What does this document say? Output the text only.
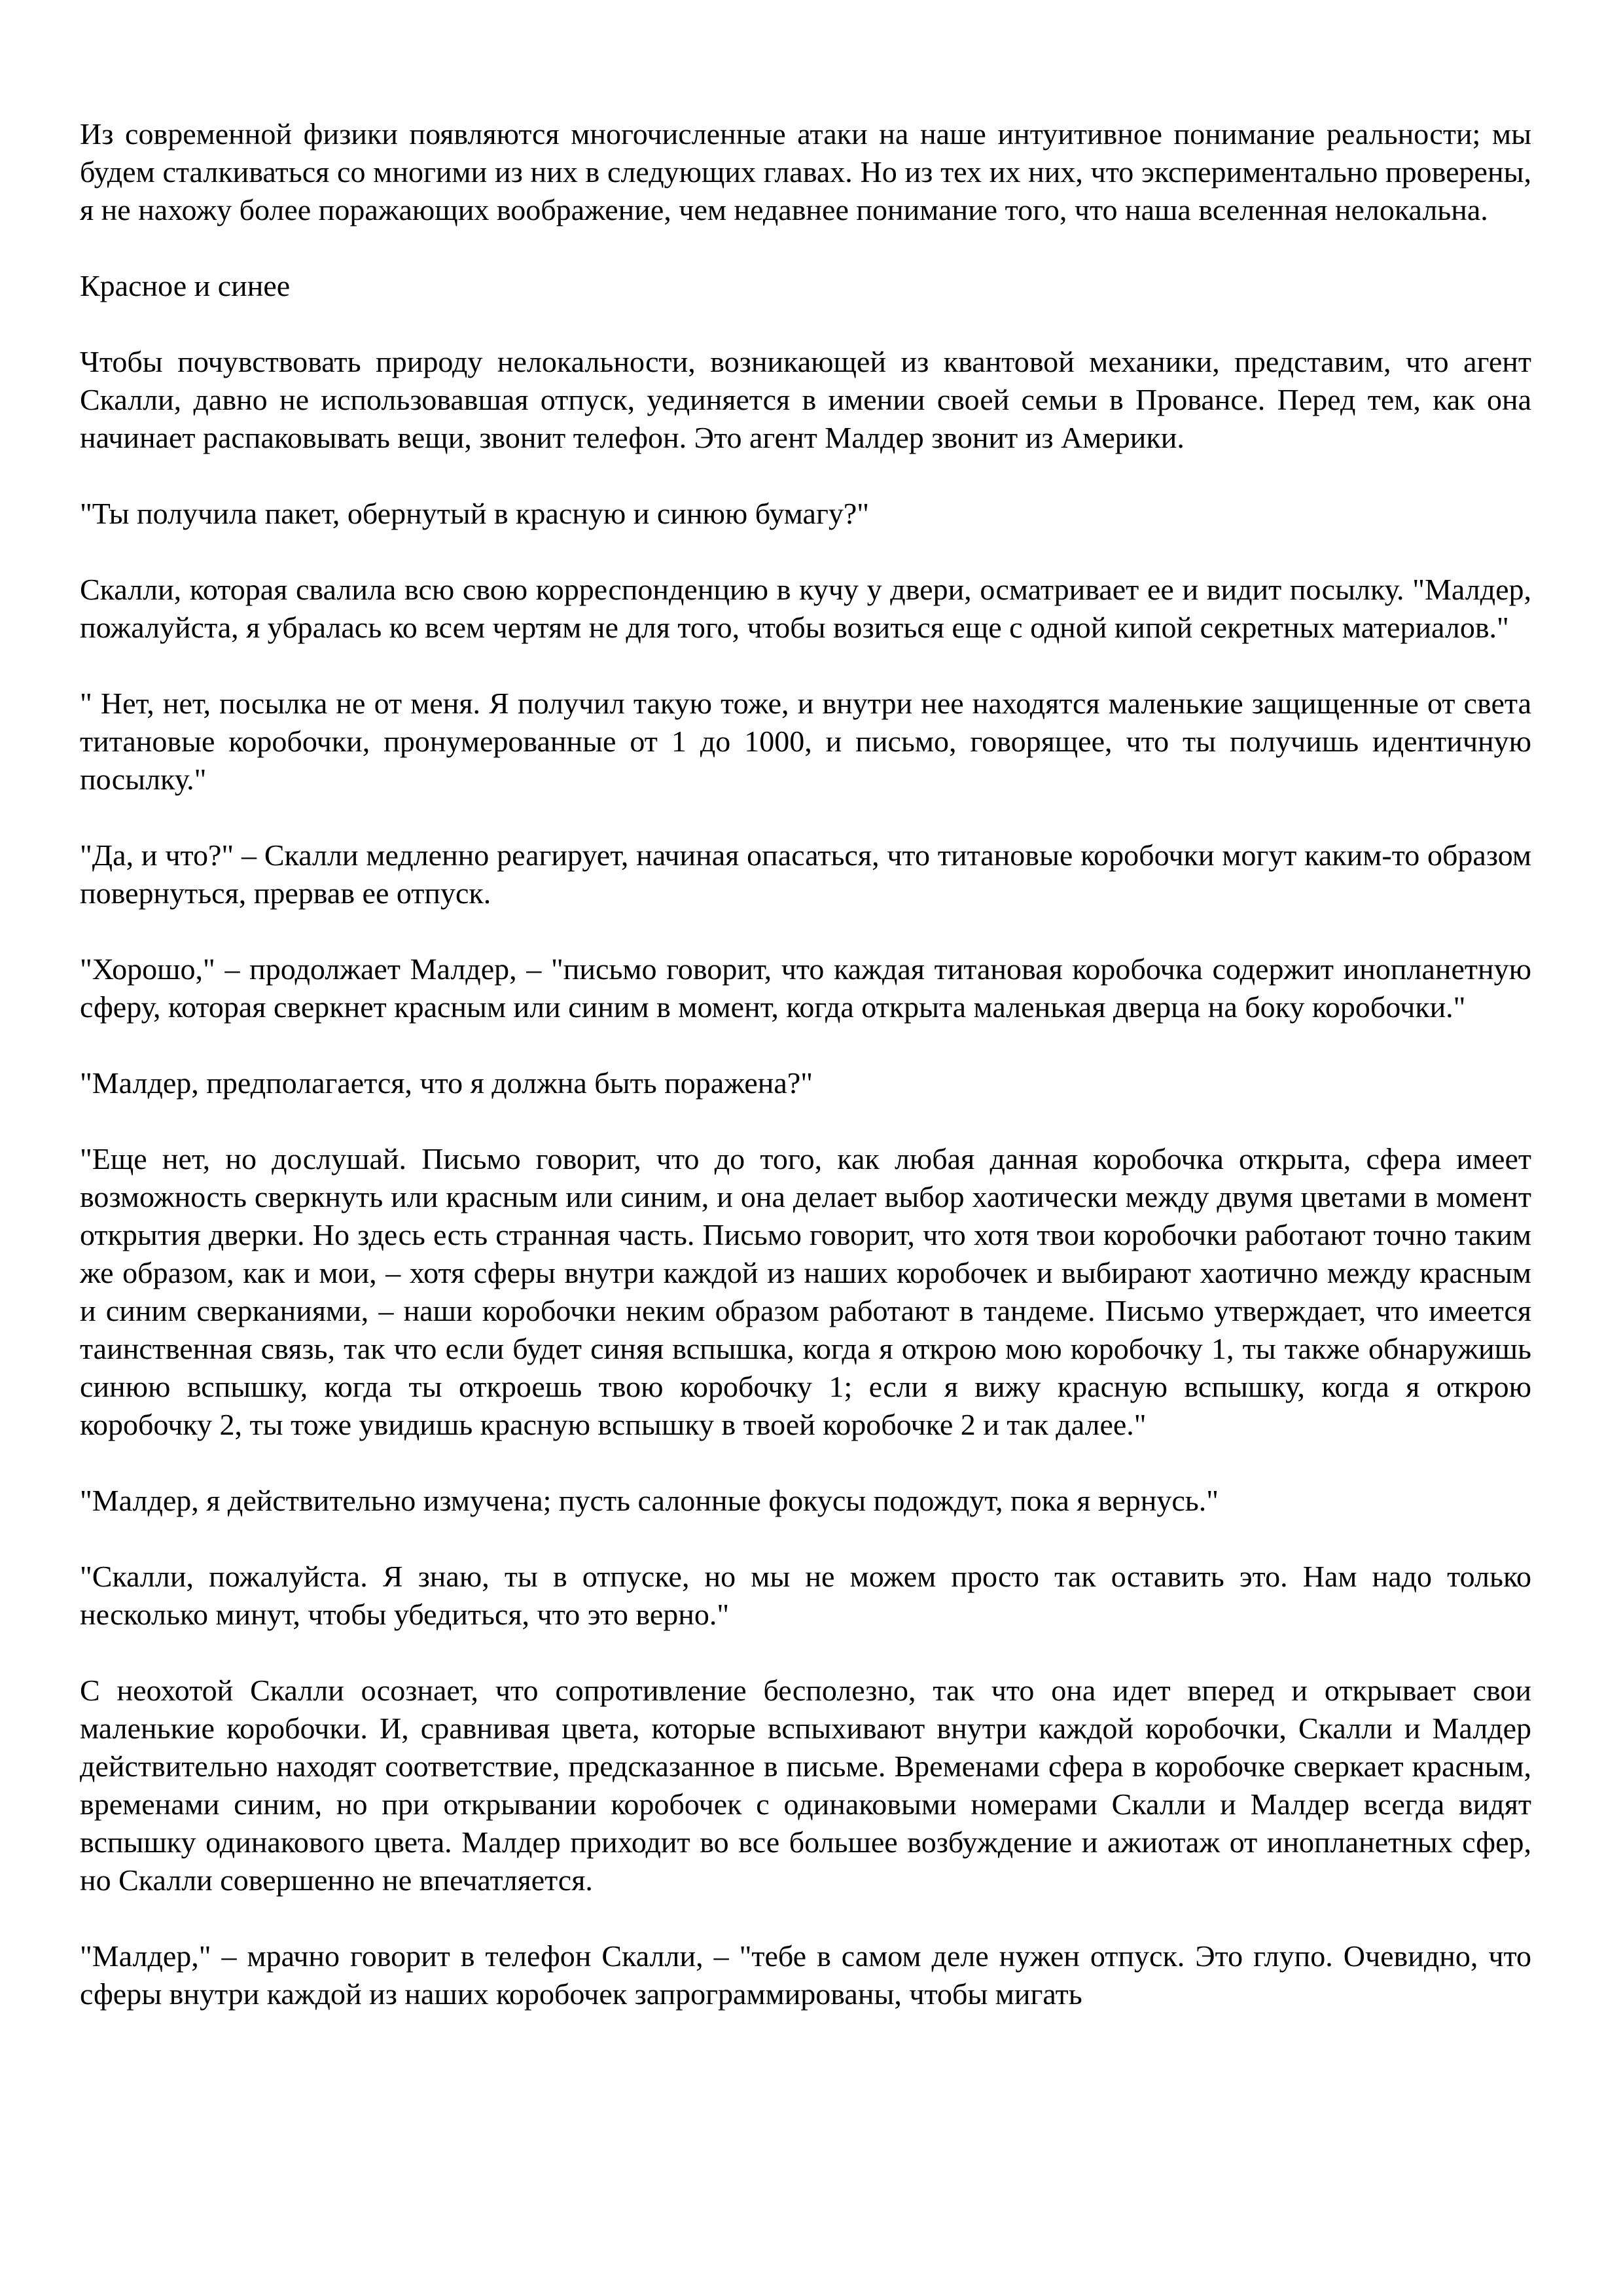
Из современной физики появляются многочисленные атаки на наше интуитивное понимание реальности; мы будем сталкиваться со многими из них в следующих главах. Но из тех их них, что экспериментально проверены, я не нахожу более поражающих воображение, чем недавнее понимание того, что наша вселенная нелокальна.

Красное и синее

Чтобы почувствовать природу нелокальности, возникающей из квантовой механики, представим, что агент Скалли, давно не использовавшая отпуск, уединяется в имении своей семьи в Провансе. Перед тем, как она начинает распаковывать вещи, звонит телефон. Это агент Малдер звонит из Америки.

"Ты получила пакет, обернутый в красную и синюю бумагу?"

Скалли, которая свалила всю свою корреспонденцию в кучу у двери, осматривает ее и видит посылку. "Малдер, пожалуйста, я убралась ко всем чертям не для того, чтобы возиться еще с одной кипой секретных материалов."

" Нет, нет, посылка не от меня. Я получил такую тоже, и внутри нее находятся маленькие защищенные от света титановые коробочки, пронумерованные от 1 до 1000, и письмо, говорящее, что ты получишь идентичную посылку."

"Да, и что?" – Скалли медленно реагирует, начиная опасаться, что титановые коробочки могут каким-то образом повернуться, прервав ее отпуск.

"Хорошо," – продолжает Малдер, – "письмо говорит, что каждая титановая коробочка содержит инопланетную сферу, которая сверкнет красным или синим в момент, когда открыта маленькая дверца на боку коробочки."

"Малдер, предполагается, что я должна быть поражена?"

"Еще нет, но дослушай. Письмо говорит, что до того, как любая данная коробочка открыта, сфера имеет возможность сверкнуть или красным или синим, и она делает выбор хаотически между двумя цветами в момент открытия дверки. Но здесь есть странная часть. Письмо говорит, что хотя твои коробочки работают точно таким же образом, как и мои, – хотя сферы внутри каждой из наших коробочек и выбирают хаотично между красным и синим сверканиями, – наши коробочки неким образом работают в тандеме. Письмо утверждает, что имеется таинственная связь, так что если будет синяя вспышка, когда я открою мою коробочку 1, ты также обнаружишь синюю вспышку, когда ты откроешь твою коробочку 1; если я вижу красную вспышку, когда я открою коробочку 2, ты тоже увидишь красную вспышку в твоей коробочке 2 и так далее."

"Малдер, я действительно измучена; пусть салонные фокусы подождут, пока я вернусь."

"Скалли, пожалуйста. Я знаю, ты в отпуске, но мы не можем просто так оставить это. Нам надо только несколько минут, чтобы убедиться, что это верно."

С неохотой Скалли осознает, что сопротивление бесполезно, так что она идет вперед и открывает свои маленькие коробочки. И, сравнивая цвета, которые вспыхивают внутри каждой коробочки, Скалли и Малдер действительно находят соответствие, предсказанное в письме. Временами сфера в коробочке сверкает красным, временами синим, но при открывании коробочек с одинаковыми номерами Скалли и Малдер всегда видят вспышку одинакового цвета. Малдер приходит во все большее возбуждение и ажиотаж от инопланетных сфер, но Скалли совершенно не впечатляется.

"Малдер," – мрачно говорит в телефон Скалли, – "тебе в самом деле нужен отпуск. Это глупо. Очевидно, что сферы внутри каждой из наших коробочек запрограммированы, чтобы мигать
